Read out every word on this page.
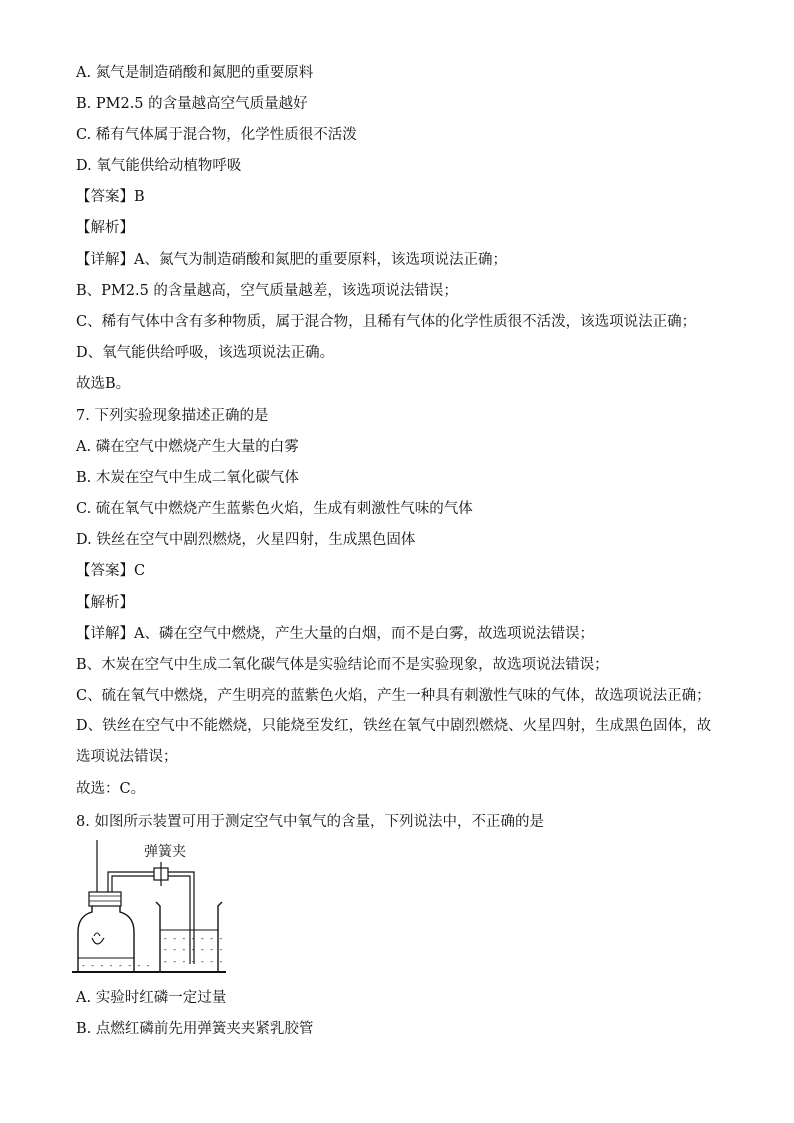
A. 氮气是制造硝酸和氮肥的重要原料
B. PM2.5 的含量越高空气质量越好
C. 稀有气体属于混合物，化学性质很不活泼
D. 氧气能供给动植物呼吸
【答案】B
【解析】
【详解】A、氮气为制造硝酸和氮肥的重要原料，该选项说法正确；
B、PM2.5 的含量越高，空气质量越差，该选项说法错误；
C、稀有气体中含有多种物质，属于混合物，且稀有气体的化学性质很不活泼，该选项说法正确；
D、氧气能供给呼吸，该选项说法正确。
故选B。
7. 下列实验现象描述正确的是
A. 磷在空气中燃烧产生大量的白雾
B. 木炭在空气中生成二氧化碳气体
C. 硫在氧气中燃烧产生蓝紫色火焰，生成有刺激性气味的气体
D. 铁丝在空气中剧烈燃烧，火星四射，生成黑色固体
【答案】C
【解析】
【详解】A、磷在空气中燃烧，产生大量的白烟，而不是白雾，故选项说法错误；
B、木炭在空气中生成二氧化碳气体是实验结论而不是实验现象，故选项说法错误；
C、硫在氧气中燃烧，产生明亮的蓝紫色火焰，产生一种具有刺激性气味的气体，故选项说法正确；
D、铁丝在空气中不能燃烧，只能烧至发红，铁丝在氧气中剧烈燃烧、火星四射，生成黑色固体，故选项说法错误；
故选：C。
8. 如图所示装置可用于测定空气中氧气的含量，下列说法中，不正确的是
弹簧夹
- - - - - - - -
- - - - - - -
- - - - - - -
- - - - - - -
A. 实验时红磷一定过量
B. 点燃红磷前先用弹簧夹夹紧乳胶管
